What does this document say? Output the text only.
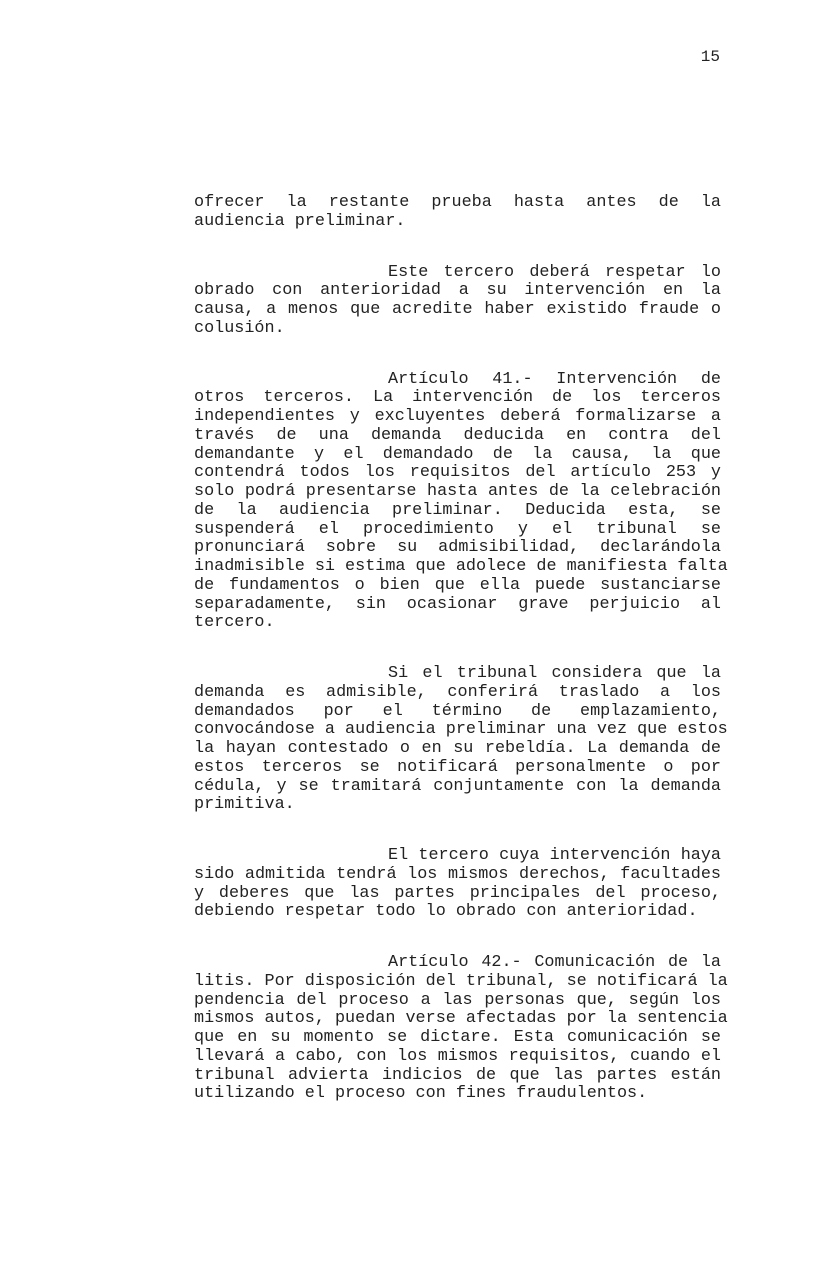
15
ofrecer la restante prueba hasta antes de la
audiencia preliminar.
Este tercero deberá respetar lo
obrado con anterioridad a su intervención en la
causa, a menos que acredite haber existido fraude o
colusión.
Artículo 41.- Intervención de
otros terceros. La intervención de los terceros
independientes y excluyentes deberá formalizarse a
través de una demanda deducida en contra del
demandante y el demandado de la causa, la que
contendrá todos los requisitos del artículo 253 y
solo podrá presentarse hasta antes de la celebración
de la audiencia preliminar. Deducida esta, se
suspenderá el procedimiento y el tribunal se
pronunciará sobre su admisibilidad, declarándola
inadmisible si estima que adolece de manifiesta falta
de fundamentos o bien que ella puede sustanciarse
separadamente, sin ocasionar grave perjuicio al
tercero.
Si el tribunal considera que la
demanda es admisible, conferirá traslado a los
demandados por el término de emplazamiento,
convocándose a audiencia preliminar una vez que estos
la hayan contestado o en su rebeldía. La demanda de
estos terceros se notificará personalmente o por
cédula, y se tramitará conjuntamente con la demanda
primitiva.
El tercero cuya intervención haya
sido admitida tendrá los mismos derechos, facultades
y deberes que las partes principales del proceso,
debiendo respetar todo lo obrado con anterioridad.
Artículo 42.- Comunicación de la
litis. Por disposición del tribunal, se notificará la
pendencia del proceso a las personas que, según los
mismos autos, puedan verse afectadas por la sentencia
que en su momento se dictare. Esta comunicación se
llevará a cabo, con los mismos requisitos, cuando el
tribunal advierta indicios de que las partes están
utilizando el proceso con fines fraudulentos.
